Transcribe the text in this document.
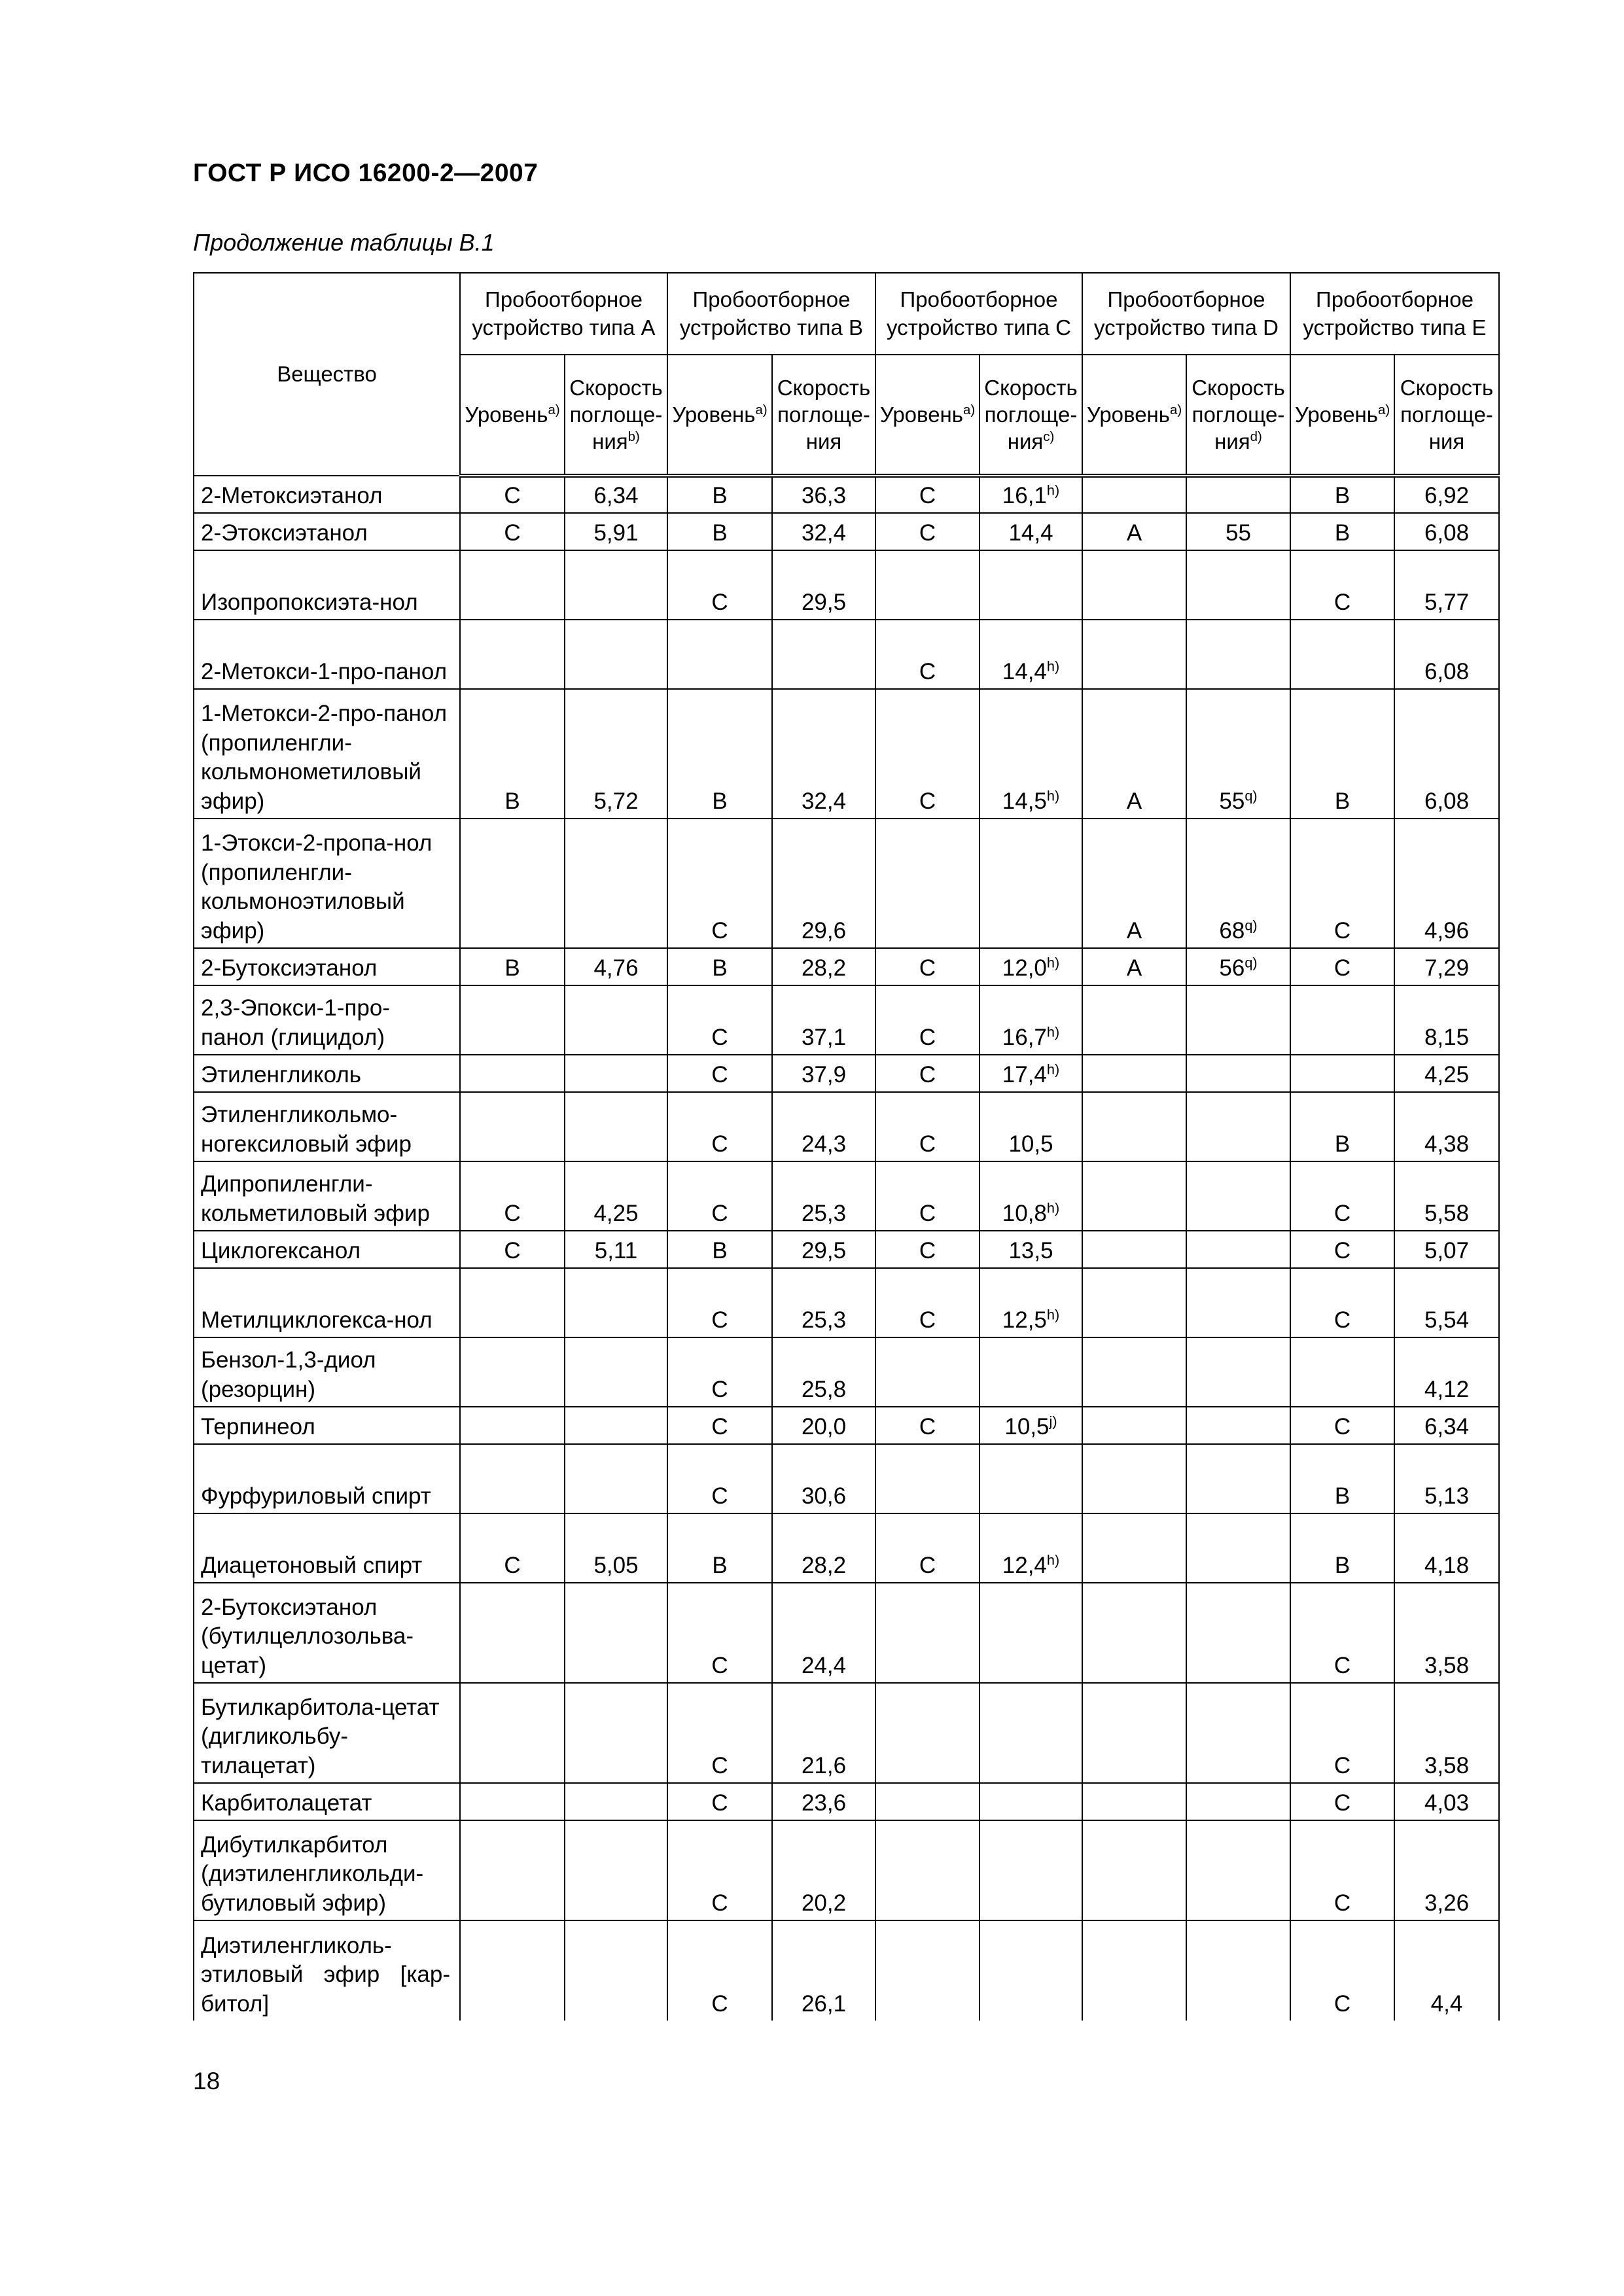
ГОСТ Р ИСО 16200-2—2007
Продолжение таблицы В.1
Вещество	Пробоотборное устройство типа А		Пробоотборное устройство типа В		Пробоотборное устройство типа С		Пробоотборное устройство типа D		Пробоотборное устройство типа Е	
	Уровень$^{a)}$	Скорость поглоще-ния$^{b)}$	Уровень$^{a)}$	Скорость поглоще-ния	Уровень$^{a)}$	Скорость поглоще-ния$^{c)}$	Уровень$^{a)}$	Скорость поглоще-ния$^{d)}$	Уровень$^{a)}$	Скорость поглоще-ния
2-Метоксиэтанол	C	6,34	B	36,3	C	16,1$^{h)}$			B	6,92
2-Этоксиэтанол	C	5,91	B	32,4	C	14,4	A	55	B	6,08
Изопропоксиэта-нол			C	29,5					C	5,77
2-Метокси-1-про-панол					C	14,4$^{h)}$				6,08
1-Метокси-2-про-панол (пропиленгли-кольмонометиловый эфир)	B	5,72	B	32,4	C	14,5$^{h)}$	A	55$^{q)}$	B	6,08
1-Этокси-2-пропа-нол (пропиленгли-кольмоноэтиловый эфир)			C	29,6			A	68$^{q)}$	C	4,96
2-Бутоксиэтанол	B	4,76	B	28,2	C	12,0$^{h)}$	A	56$^{q)}$	C	7,29
2,3-Эпокси-1-про-панол (глицидол)			C	37,1	C	16,7$^{h)}$				8,15
Этиленгликоль			C	37,9	C	17,4$^{h)}$				4,25
Этиленгликольмо-ногексиловый эфир			C	24,3	C	10,5			B	4,38
Дипропиленгли-кольметиловый эфир	C	4,25	C	25,3	C	10,8$^{h)}$			C	5,58
Циклогексанол	C	5,11	B	29,5	C	13,5			C	5,07
Метилциклогекса-нол			C	25,3	C	12,5$^{h)}$			C	5,54
Бензол-1,3-диол (резорцин)			C	25,8						4,12
Терпинеол			C	20,0	C	10,5$^{j)}$			C	6,34
Фурфуриловый спирт			C	30,6					B	5,13
Диацетоновый спирт	C	5,05	B	28,2	C	12,4$^{h)}$			B	4,18
2-Бутоксиэтанол (бутилцеллозольва-цетат)			C	24,4					C	3,58
Бутилкарбитола-цетат (дигликольбу-тилацетат)			C	21,6					C	3,58
Карбитолацетат			C	23,6					C	4,03
Дибутилкарбитол (диэтиленгликольди-бутиловый эфир)			C	20,2					C	3,26
Диэтиленгликоль-этиловый эфир [кар-битол]			C	26,1					C	4,4
18
